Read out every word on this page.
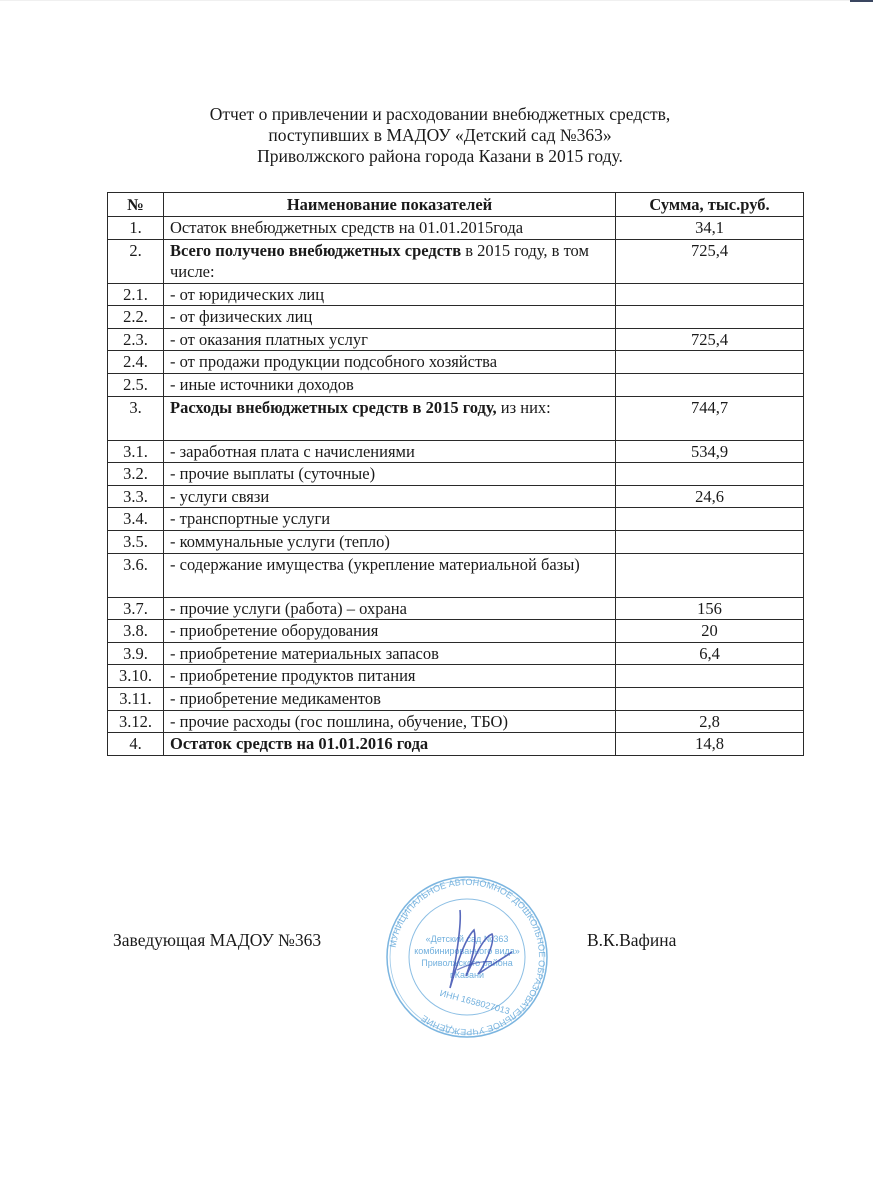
Отчет о привлечении и расходовании внебюджетных средств,
поступивших в МАДОУ «Детский сад №363»
Приволжского района города Казани в 2015 году.
№	Наименование показателей	Сумма, тыс.руб.
1.	Остаток внебюджетных средств на 01.01.2015года	34,1
2.	Всего получено внебюджетных средств в 2015 году, в том числе:	725,4
2.1.	- от юридических лиц	
2.2.	- от физических лиц	
2.3.	- от оказания платных услуг	725,4
2.4.	- от продажи продукции подсобного хозяйства	
2.5.	- иные источники доходов	
3.	Расходы внебюджетных средств в 2015 году, из них:	744,7
3.1.	- заработная плата с начислениями	534,9
3.2.	- прочие выплаты (суточные)	
3.3.	- услуги связи	24,6
3.4.	- транспортные услуги	
3.5.	- коммунальные услуги (тепло)	
3.6.	- содержание имущества (укрепление материальной базы)	
3.7.	- прочие услуги (работа) – охрана	156
3.8.	- приобретение оборудования	20
3.9.	- приобретение материальных запасов	6,4
3.10.	- приобретение продуктов питания	
3.11.	- приобретение медикаментов	
3.12.	- прочие расходы (гос пошлина, обучение, ТБО)	2,8
4.	Остаток средств на 01.01.2016 года	14,8
Заведующая МАДОУ №363	МУНИЦИПАЛЬНОЕ АВТОНОМНОЕ ДОШКОЛЬНОЕ ОБРАЗОВАТЕЛЬНОЕ УЧРЕЖДЕНИЕ
«Детский сад №363
комбинированного вида»
Приволжского района
г.Казани
ИНН 1658027013
В.К.Вафина
